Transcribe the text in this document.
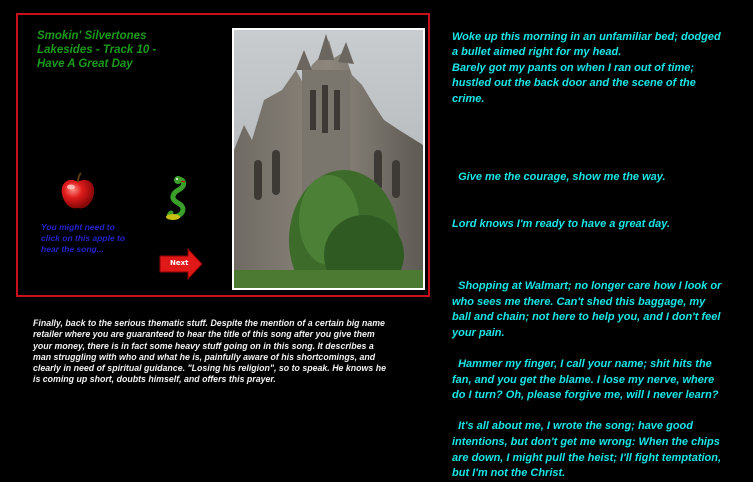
Smokin' Silvertones
Lakesides - Track 10 -
Have A Great Day
You might need to
click on this apple to
hear the song...
Next
Finally, back to the serious thematic stuff. Despite the mention of a certain big name
retailer where you are guaranteed to hear the title of this song after you give them
your money, there is in fact some heavy stuff going on in this song. It describes a
man struggling with who and what he is, painfully aware of his shortcomings, and
clearly in need of spiritual guidance. "Losing his religion", so to speak. He knows he
is coming up short, doubts himself, and offers this prayer.

Woke up this morning in an unfamiliar bed; dodged
a bullet aimed right for my head.
Barely got my pants on when I ran out of time;
hustled out the back door and the scene of the
crime.

Give me the courage, show me the way.

Lord knows I'm ready to have a great day.

Shopping at Walmart; no longer care how I look or
who sees me there. Can't shed this baggage, my
ball and chain; not here to help you, and I don't feel
your pain.
Hammer my finger, I call your name; shit hits the
fan, and you get the blame. I lose my nerve, where
do I turn? Oh, please forgive me, will I never learn?
It's all about me, I wrote the song; have good
intentions, but don't get me wrong: When the chips
are down, I might pull the heist; I'll fight temptation,
but I'm not the Christ.
